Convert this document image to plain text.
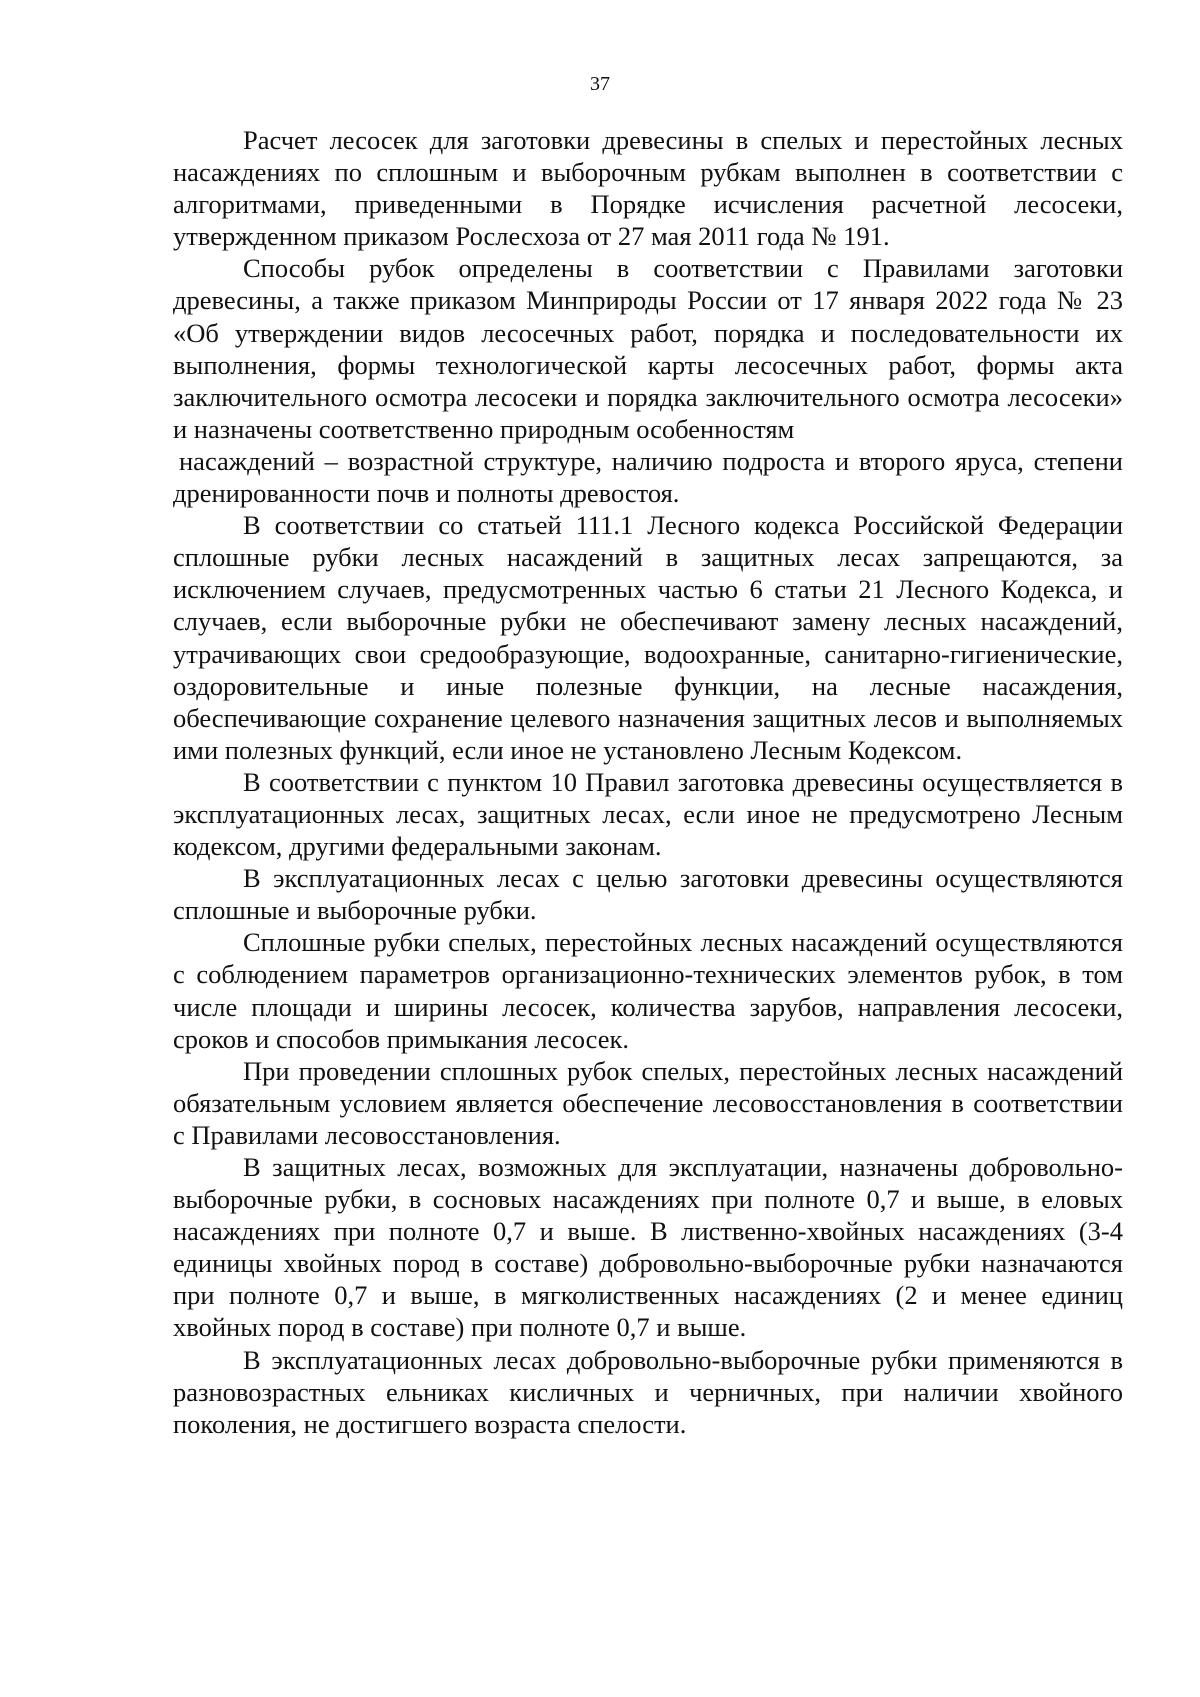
37

Расчет лесосек для заготовки древесины в спелых и перестойных лесных насаждениях по сплошным и выборочным рубкам выполнен в соответствии с алгоритмами, приведенными в Порядке исчисления расчетной лесосеки, утвержденном приказом Рослесхоза от 27 мая 2011 года № 191.

Способы рубок определены в соответствии с Правилами заготовки древесины, а также приказом Минприроды России от 17 января 2022 года № 23 «Об утверждении видов лесосечных работ, порядка и последовательности их выполнения, формы технологической карты лесосечных работ, формы акта заключительного осмотра лесосеки и порядка заключительного осмотра лесосеки» и назначены соответственно природным особенностям

насаждений – возрастной структуре, наличию подроста и второго яруса, степени дренированности почв и полноты древостоя.

В соответствии со статьей 111.1 Лесного кодекса Российской Федерации сплошные рубки лесных насаждений в защитных лесах запрещаются, за исключением случаев, предусмотренных частью 6 статьи 21 Лесного Кодекса, и случаев, если выборочные рубки не обеспечивают замену лесных насаждений, утрачивающих свои средообразующие, водоохранные, санитарно-гигиенические, оздоровительные и иные полезные функции, на лесные насаждения, обеспечивающие сохранение целевого назначения защитных лесов и выполняемых ими полезных функций, если иное не установлено Лесным Кодексом.

В соответствии с пунктом 10 Правил заготовка древесины осуществляется в эксплуатационных лесах, защитных лесах, если иное не предусмотрено Лесным кодексом, другими федеральными законам.

В эксплуатационных лесах с целью заготовки древесины осуществляются сплошные и выборочные рубки.

Сплошные рубки спелых, перестойных лесных насаждений осуществляются с соблюдением параметров организационно-технических элементов рубок, в том числе площади и ширины лесосек, количества зарубов, направления лесосеки, сроков и способов примыкания лесосек.

При проведении сплошных рубок спелых, перестойных лесных насаждений обязательным условием является обеспечение лесовосстановления в соответствии с Правилами лесовосстановления.

В защитных лесах, возможных для эксплуатации, назначены добровольно-выборочные рубки, в сосновых насаждениях при полноте 0,7 и выше, в еловых насаждениях при полноте 0,7 и выше. В лиственно-хвойных насаждениях (3-4 единицы хвойных пород в составе) добровольно-выборочные рубки назначаются при полноте 0,7 и выше, в мягколиственных насаждениях (2 и менее единиц хвойных пород в составе) при полноте 0,7 и выше.

В эксплуатационных лесах добровольно-выборочные рубки применяются в разновозрастных ельниках кисличных и черничных, при наличии хвойного поколения, не достигшего возраста спелости.
